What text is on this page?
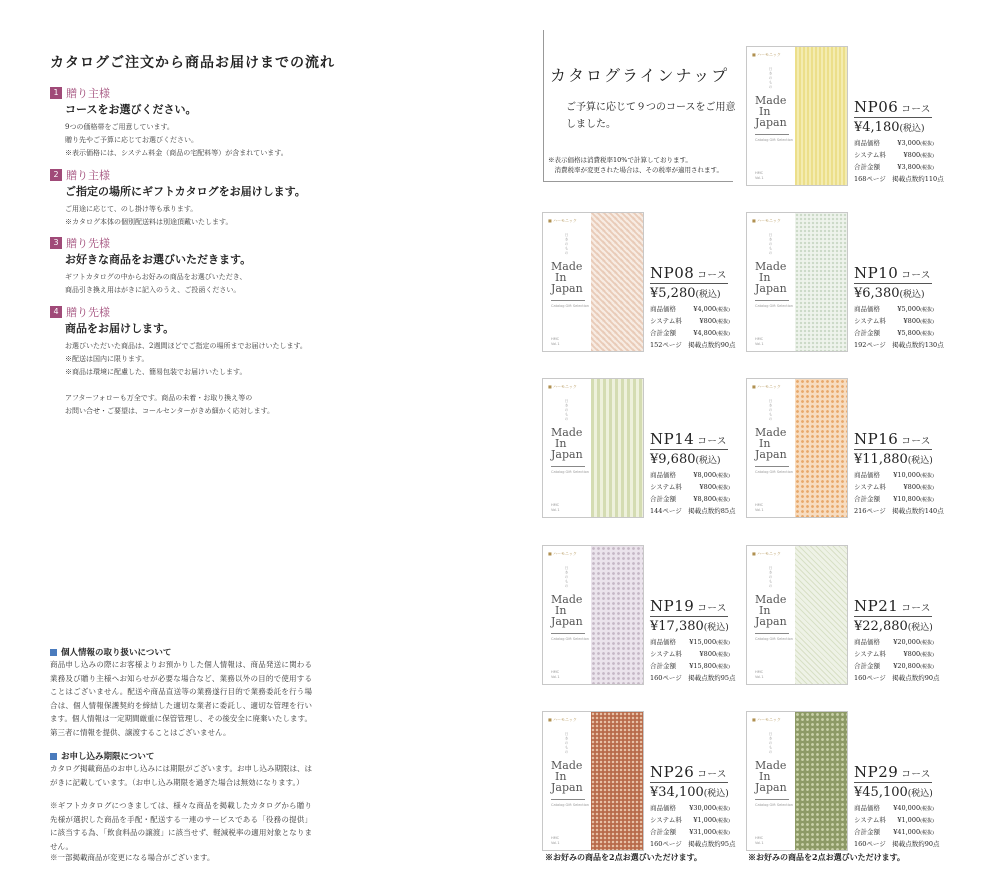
カタログご注文から商品お届けまでの流れ
1 贈り主様
コースをお選びください。
9つの価格帯をご用意しています。
贈り先やご予算に応じてお選びください。
※表示価格には、システム料金（商品の宅配料等）が含まれています。
2 贈り主様
ご指定の場所にギフトカタログをお届けします。
ご用途に応じて、のし掛け等も承ります。
※カタログ本体の個別配送料は別途頂戴いたします。
3 贈り先様
お好きな商品をお選びいただきます。
ギフトカタログの中からお好みの商品をお選びいただき、
商品引き換え用はがきに記入のうえ、ご投函ください。
4 贈り先様
商品をお届けします。
お選びいただいた商品は、2週間ほどでご指定の場所までお届けいたします。
※配送は国内に限ります。
※商品は環境に配慮した、簡易包装でお届けいたします。
アフターフォローも万全です。商品の未着・お取り換え等の
お問い合せ・ご要望は、コールセンターがきめ細かく応対します。
個人情報の取り扱いについて
商品申し込みの際にお客様よりお預かりした個人情報は、商品発送に関わる業務及び贈り主様へお知らせが必要な場合など、業務以外の目的で使用することはございません。配送や商品直送等の業務遂行目的で業務委託を行う場合は、個人情報保護契約を締結した適切な業者に委託し、適切な管理を行います。個人情報は一定期間厳重に保管管理し、その後安全に廃棄いたします。第三者に情報を提供、譲渡することはございません。
お申し込み期限について
カタログ掲載商品のお申し込みには期限がございます。お申し込み期限は、はがきに記載しています。（お申し込み期限を過ぎた場合は無効になります。）
※ギフトカタログにつきましては、様々な商品を掲載したカタログから贈り先様が選択した商品を手配・配送する一連のサービスである「役務の提供」に該当する為、「飲食料品の譲渡」に該当せず、軽減税率の適用対象となりません。
※一部掲載商品が変更になる場合がございます。
カタログラインナップ
ご予算に応じて９つのコースをご用意しました。
※表示価格は消費税率10%で計算しております。
　消費税率が変更された場合は、その税率が適用されます。
■ ハーモニック
日本のもの
Made
In
Japan
Catalog Gift Selection
HMC
Vol.1
NP06 コース
¥4,180(税込)
商品価格	¥3,000(税抜)
システム料	¥800(税抜)
合計金額	¥3,800(税抜)
168ページ　 掲載点数約110点
■ ハーモニック
日本のもの
Made
In
Japan
Catalog Gift Selection
HMC
Vol.1
NP08 コース
¥5,280(税込)
商品価格	¥4,000(税抜)
システム料	¥800(税抜)
合計金額	¥4,800(税抜)
152ページ　 掲載点数約90点
■ ハーモニック
日本のもの
Made
In
Japan
Catalog Gift Selection
HMC
Vol.1
NP10 コース
¥6,380(税込)
商品価格	¥5,000(税抜)
システム料	¥800(税抜)
合計金額	¥5,800(税抜)
192ページ　 掲載点数約130点
■ ハーモニック
日本のもの
Made
In
Japan
Catalog Gift Selection
HMC
Vol.1
NP14 コース
¥9,680(税込)
商品価格	¥8,000(税抜)
システム料	¥800(税抜)
合計金額	¥8,800(税抜)
144ページ　 掲載点数約85点
■ ハーモニック
日本のもの
Made
In
Japan
Catalog Gift Selection
HMC
Vol.1
NP16 コース
¥11,880(税込)
商品価格	¥10,000(税抜)
システム料	¥800(税抜)
合計金額	¥10,800(税抜)
216ページ　 掲載点数約140点
■ ハーモニック
日本のもの
Made
In
Japan
Catalog Gift Selection
HMC
Vol.1
NP19 コース
¥17,380(税込)
商品価格	¥15,000(税抜)
システム料	¥800(税抜)
合計金額	¥15,800(税抜)
160ページ　 掲載点数約95点
■ ハーモニック
日本のもの
Made
In
Japan
Catalog Gift Selection
HMC
Vol.1
NP21 コース
¥22,880(税込)
商品価格	¥20,000(税抜)
システム料	¥800(税抜)
合計金額	¥20,800(税抜)
160ページ　 掲載点数約90点
■ ハーモニック
日本のもの
Made
In
Japan
Catalog Gift Selection
HMC
Vol.1
NP26 コース
¥34,100(税込)
商品価格	¥30,000(税抜)
システム料	¥1,000(税抜)
合計金額	¥31,000(税抜)
160ページ　 掲載点数約95点
■ ハーモニック
日本のもの
Made
In
Japan
Catalog Gift Selection
HMC
Vol.1
NP29 コース
¥45,100(税込)
商品価格	¥40,000(税抜)
システム料	¥1,000(税抜)
合計金額	¥41,000(税抜)
160ページ　 掲載点数約90点
※お好みの商品を2点お選びいただけます。	※お好みの商品を2点お選びいただけます。
